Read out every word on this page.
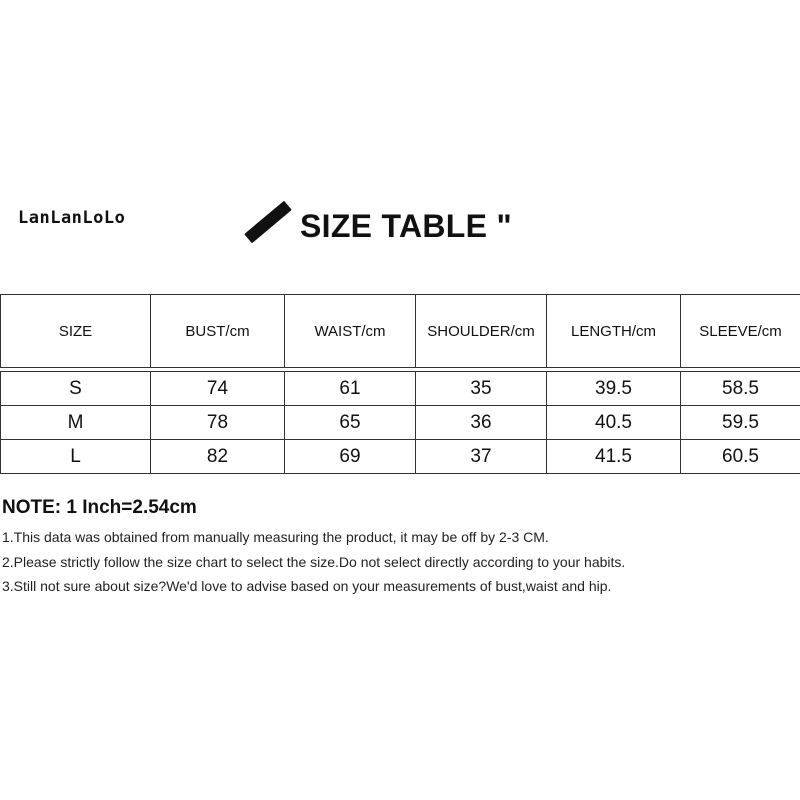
LanLanLoLo	SIZE TABLE "
SIZE	BUST/cm	WAIST/cm	SHOULDER/cm	LENGTH/cm	SLEEVE/cm

S	74	61	35	39.5	58.5
M	78	65	36	40.5	59.5
L	82	69	37	41.5	60.5
NOTE: 1 Inch=2.54cm
1.This data was obtained from manually measuring the product, it may be off by 2-3 CM.
2.Please strictly follow the size chart to select the size.Do not select directly according to your habits.
3.Still not sure about size?We'd love to advise based on your measurements of bust,waist and hip.
